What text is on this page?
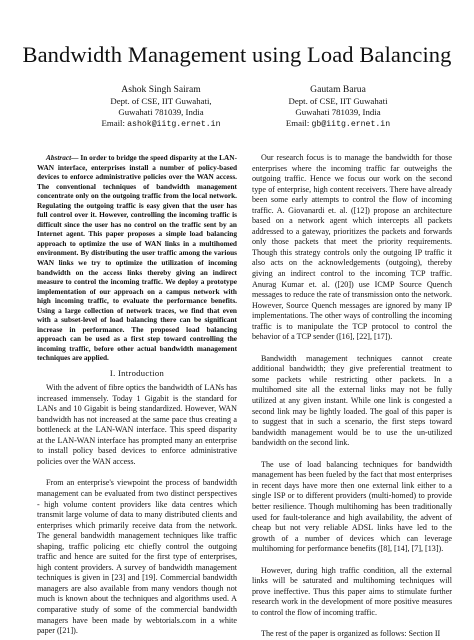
Bandwidth Management using Load Balancing
Ashok Singh Sairam
Dept. of CSE, IIT Guwahati,
Guwahati 781039, India
Email: ashok@iitg.ernet.in
Gautam Barua
Dept. of CSE, IIT Guwahati
Guwahati 781039, India
Email: gb@iitg.ernet.in

Abstract— In order to bridge the speed disparity at the LAN-WAN interface, enterprises install a number of policy-based devices to enforce administrative policies over the WAN access. The conventional techniques of bandwidth management concentrate only on the outgoing traffic from the local network. Regulating the outgoing traffic is easy given that the user has full control over it. However, controlling the incoming traffic is difficult since the user has no control on the traffic sent by an Internet agent. This paper proposes a simple load balancing approach to optimize the use of WAN links in a multihomed environment. By distributing the user traffic among the various WAN links we try to optimize the utilization of incoming bandwidth on the access links thereby giving an indirect measure to control the incoming traffic. We deploy a prototype implementation of our approach on a campus network with high incoming traffic, to evaluate the performance benefits. Using a large collection of network traces, we find that even with a subset-level of load balancing there can be significant increase in performance. The proposed load balancing approach can be used as a first step toward controlling the incoming traffic, before other actual bandwidth management techniques are applied.

I. Introduction

With the advent of fibre optics the bandwidth of LANs has increased immensely. Today 1 Gigabit is the standard for LANs and 10 Gigabit is being standardized. However, WAN bandwidth has not increased at the same pace thus creating a bottleneck at the LAN-WAN interface. This speed disparity at the LAN-WAN interface has prompted many an enterprise to install policy based devices to enforce administrative policies over the WAN access.

From an enterprise's viewpoint the process of bandwidth management can be evaluated from two distinct perspectives - high volume content providers like data centres which transmit large volume of data to many distributed clients and enterprises which primarily receive data from the network. The general bandwidth management techniques like traffic shaping, traffic policing etc chiefly control the outgoing traffic and hence are suited for the first type of enterprises, high content providers. A survey of bandwidth management techniques is given in [23] and [19]. Commercial bandwidth managers are also available from many vendors though not much is known about the techniques and algorithms used. A comparative study of some of the commercial bandwidth managers have been made by webtorials.com in a white paper ([21]).

Our research focus is to manage the bandwidth for those enterprises where the incoming traffic far outweighs the outgoing traffic. Hence we focus our work on the second type of enterprise, high content receivers. There have already been some early attempts to control the flow of incoming traffic. A. Giovanardi et. al. ([12]) propose an architecture based on a network agent which intercepts all packets addressed to a gateway, prioritizes the packets and forwards only those packets that meet the priority requirements. Though this strategy controls only the outgoing IP traffic it also acts on the acknowledgements (outgoing), thereby giving an indirect control to the incoming TCP traffic. Anurag Kumar et. al. ([20]) use ICMP Source Quench messages to reduce the rate of transmission onto the network. However, Source Quench messages are ignored by many IP implementations. The other ways of controlling the incoming traffic is to manipulate the TCP protocol to control the behavior of a TCP sender ([16], [22], [17]).

Bandwidth management techniques cannot create additional bandwidth; they give preferential treatment to some packets while restricting other packets. In a multihomed site all the external links may not be fully utilized at any given instant. While one link is congested a second link may be lightly loaded. The goal of this paper is to suggest that in such a scenario, the first steps toward bandwidth management would be to use the un-utilized bandwidth on the second link.

The use of load balancing techniques for bandwidth management has been fueled by the fact that most enterprises in recent days have more then one external link either to a single ISP or to different providers (multi-homed) to provide better resilience. Though multihoming has been traditionally used for fault-tolerance and high availability, the advent of cheap but not very reliable ADSL links have led to the growth of a number of devices which can leverage multihoming for performance benefits ([8], [14], [7], [13]).

However, during high traffic condition, all the external links will be saturated and multihoming techniques will prove ineffective. Thus this paper aims to stimulate further research work in the development of more positive measures to control the flow of incoming traffic.

The rest of the paper is organized as follows: Section II
